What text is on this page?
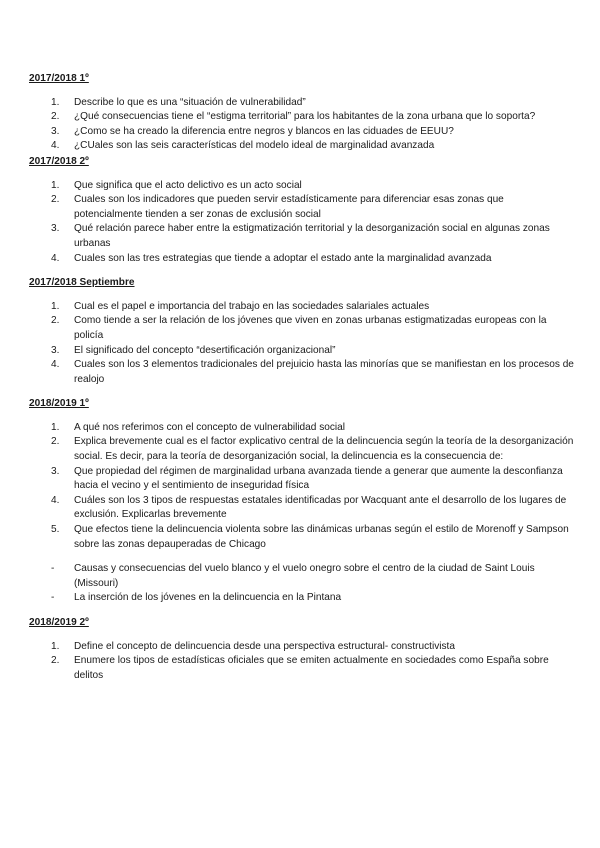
2017/2018 1º
1.	Describe lo que es una “situación de vulnerabilidad”
2.	¿Qué consecuencias tiene el “estigma territorial” para los habitantes de la zona urbana que lo soporta?
3.	¿Como se ha creado la diferencia entre negros y blancos en las ciduades de EEUU?
4.	¿CUales son las seis características del modelo ideal de marginalidad avanzada
2017/2018 2º
1.	Que significa que el acto delictivo es un acto social
2.	Cuales son los indicadores que pueden servir estadísticamente para diferenciar esas zonas que potencialmente tienden a ser zonas de exclusión social
3.	Qué relación parece haber entre la estigmatización territorial y la desorganización social en algunas zonas urbanas
4.	Cuales son las tres estrategias que tiende a adoptar el estado ante la marginalidad avanzada
2017/2018 Septiembre
1.	Cual es el papel e importancia del trabajo en las sociedades salariales actuales
2.	Como tiende a ser la relación de los jóvenes que viven en zonas urbanas estigmatizadas europeas con la policía
3.	El significado del concepto “desertificación organizacional”
4.	Cuales son los 3 elementos tradicionales del prejuicio hasta las minorías que se manifiestan en los procesos de realojo
2018/2019 1º
1.	A qué nos referimos con el concepto de vulnerabilidad social
2.	Explica brevemente cual es el factor explicativo central de la delincuencia según la teoría de la desorganización social. Es decir, para la teoría de desorganización social, la delincuencia es la consecuencia de:
3.	Que propiedad del régimen de marginalidad urbana avanzada tiende a generar que aumente la desconfianza hacia el vecino y el sentimiento de inseguridad física
4.	Cuáles son los 3 tipos de respuestas estatales identificadas por Wacquant ante el desarrollo de los lugares de exclusión. Explicarlas brevemente
5.	Que efectos tiene la delincuencia violenta sobre las dinámicas urbanas según el estilo de Morenoff y Sampson sobre las zonas depauperadas de Chicago
-	Causas y consecuencias del vuelo blanco y el vuelo onegro sobre el centro de la ciudad de Saint Louis (Missouri)
-	La inserción de los jóvenes en la delincuencia en la Pintana
2018/2019 2º
1.	Define el concepto de delincuencia desde una perspectiva estructural- constructivista
2.	Enumere los tipos de estadísticas oficiales que se emiten actualmente en sociedades como España sobre delitos
